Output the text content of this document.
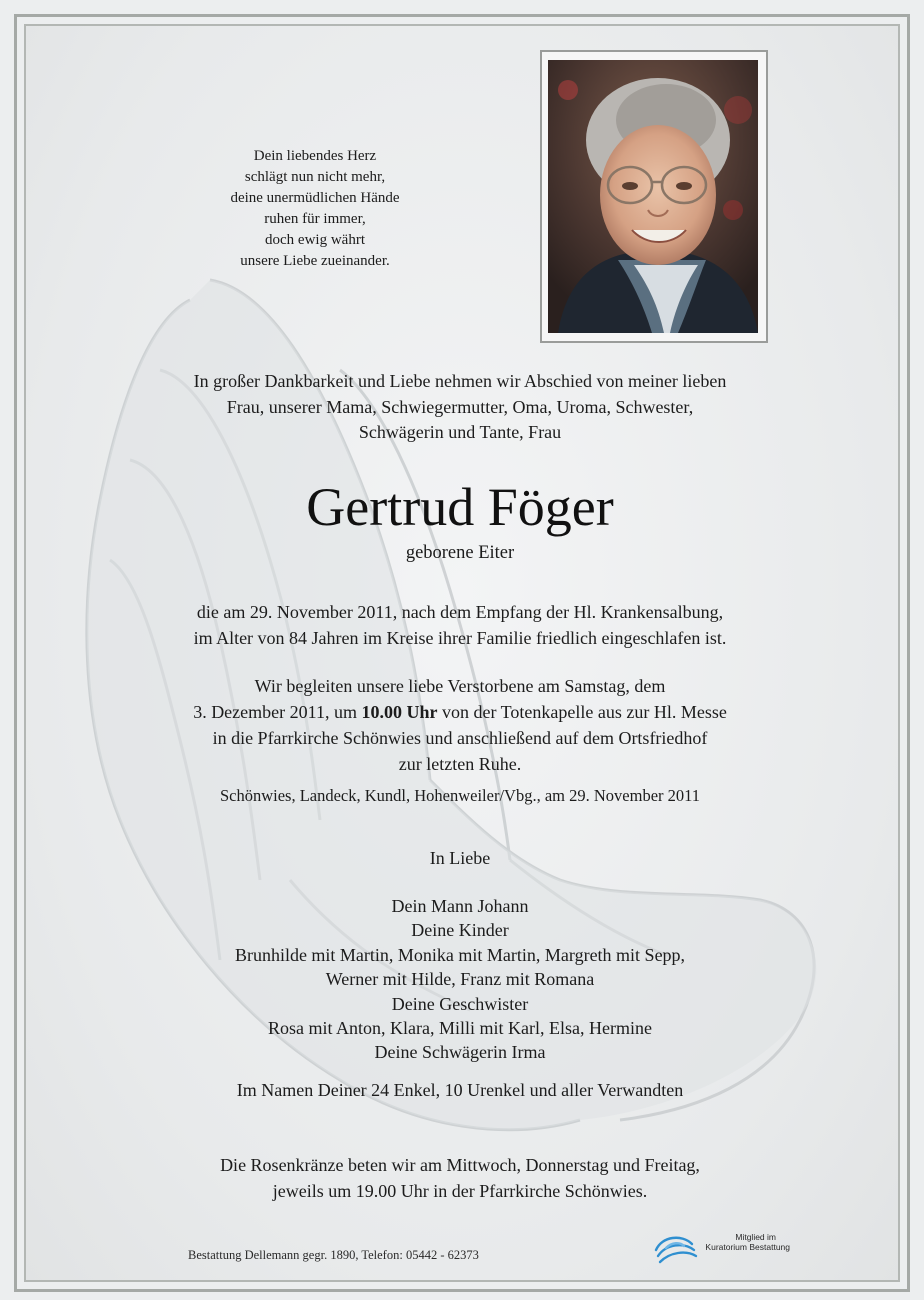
Dein liebendes Herz
schlägt nun nicht mehr,
deine unermüdlichen Hände
ruhen für immer,
doch ewig währt
unsere Liebe zueinander.
In großer Dankbarkeit und Liebe nehmen wir Abschied von meiner lieben
Frau, unserer Mama, Schwiegermutter, Oma, Uroma, Schwester,
Schwägerin und Tante, Frau
Gertrud Föger
geborene Eiter
die am 29. November 2011, nach dem Empfang der Hl. Krankensalbung,
im Alter von 84 Jahren im Kreise ihrer Familie friedlich eingeschlafen ist.
Wir begleiten unsere liebe Verstorbene am Samstag, dem
3. Dezember 2011, um 10.00 Uhr von der Totenkapelle aus zur Hl. Messe
in die Pfarrkirche Schönwies und anschließend auf dem Ortsfriedhof
zur letzten Ruhe.
Schönwies, Landeck, Kundl, Hohenweiler/Vbg., am 29. November 2011
In Liebe
Dein Mann Johann
Deine Kinder
Brunhilde mit Martin, Monika mit Martin, Margreth mit Sepp,
Werner mit Hilde, Franz mit Romana
Deine Geschwister
Rosa mit Anton, Klara, Milli mit Karl, Elsa, Hermine
Deine Schwägerin Irma
Im Namen Deiner 24 Enkel, 10 Urenkel und aller Verwandten
Die Rosenkränze beten wir am Mittwoch, Donnerstag und Freitag,
jeweils um 19.00 Uhr in der Pfarrkirche Schönwies.
Bestattung Dellemann gegr. 1890, Telefon: 05442 - 62373
Mitglied im
Kuratorium Bestattung
